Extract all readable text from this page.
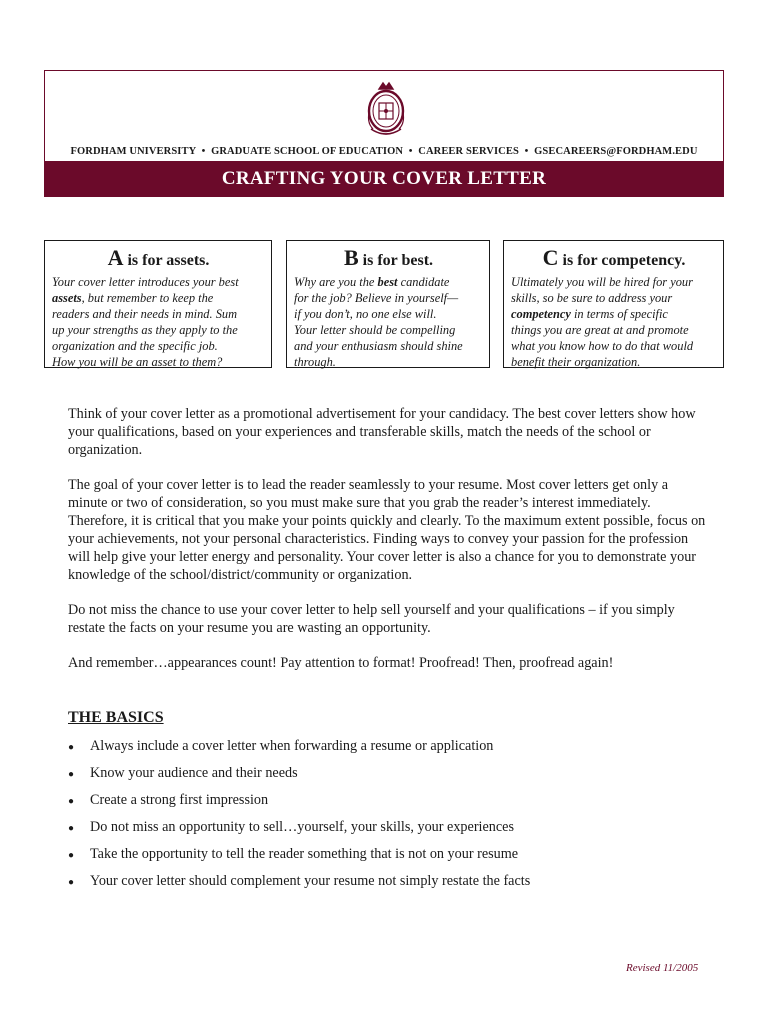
FORDHAM UNIVERSITY • GRADUATE SCHOOL OF EDUCATION • CAREER SERVICES • GSECAREERS@FORDHAM.EDU
CRAFTING YOUR COVER LETTER
A is for assets.

Your cover letter introduces your best
assets, but remember to keep the
readers and their needs in mind. Sum
up your strengths as they apply to the
organization and the specific job.
How you will be an asset to them?

B is for best.

Why are you the best candidate
for the job? Believe in yourself—
if you don’t, no one else will.
Your letter should be compelling
and your enthusiasm should shine
through.

C is for competency.

Ultimately you will be hired for your
skills, so be sure to address your
competency in terms of specific
things you are great at and promote
what you know how to do that would
benefit their organization.

Think of your cover letter as a promotional advertisement for your candidacy. The best cover letters show how your qualifications, based on your experiences and transferable skills, match the needs of the school or organization.

The goal of your cover letter is to lead the reader seamlessly to your resume. Most cover letters get only a minute or two of consideration, so you must make sure that you grab the reader’s interest immediately. Therefore, it is critical that you make your points quickly and clearly. To the maximum extent possible, focus on your achievements, not your personal characteristics. Finding ways to convey your passion for the profession will help give your letter energy and personality. Your cover letter is also a chance for you to demonstrate your knowledge of the school/district/community or organization.

Do not miss the chance to use your cover letter to help sell yourself and your qualifications – if you simply restate the facts on your resume you are wasting an opportunity.

And remember…appearances count! Pay attention to format! Proofread! Then, proofread again!

THE BASICS
●	Always include a cover letter when forwarding a resume or application
●	Know your audience and their needs
●	Create a strong first impression
●	Do not miss an opportunity to sell…yourself, your skills, your experiences
●	Take the opportunity to tell the reader something that is not on your resume
●	Your cover letter should complement your resume not simply restate the facts
Revised 11/2005
